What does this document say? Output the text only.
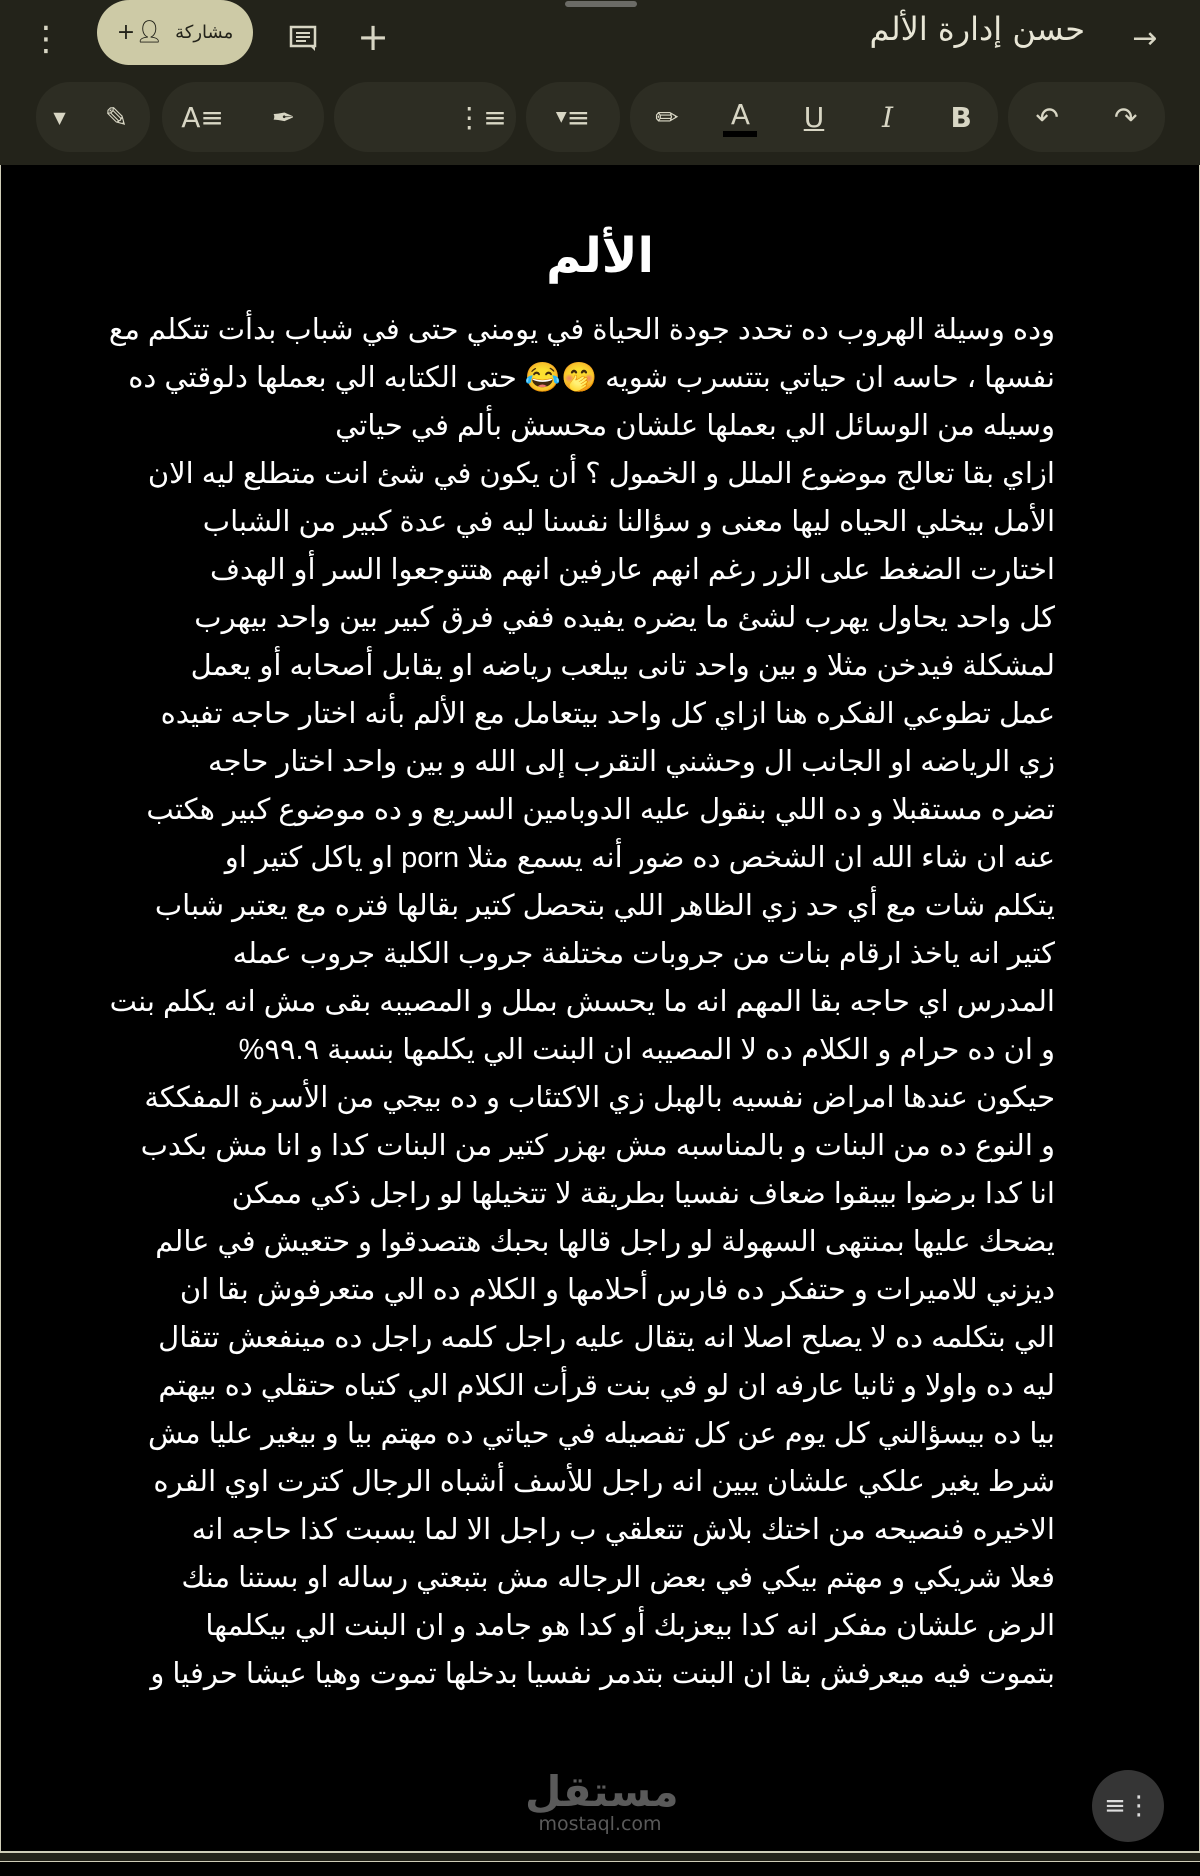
→
حسن إدارة الألم
⋮	مشاركة
👤︎+	+
▼	✎	A≡	✒	⋮≡	▼ ≡	✏︎	A	U	I	B	↶	↷
الألم
وده وسيلة الهروب ده تحدد جودة الحياة في يومني حتى في شباب بدأت تتكلم مع
نفسها ، حاسه ان حياتي بتتسرب شويه 🤭😂 حتى الكتابه الي بعملها دلوقتي ده
وسيله من الوسائل الي بعملها علشان محسش بألم في حياتي
ازاي بقا تعالج موضوع الملل و الخمول ؟ أن يكون في شئ انت متطلع ليه الان
الأمل بيخلي الحياه ليها معنى و سؤالنا نفسنا ليه في عدة كبير من الشباب
اختارت الضغط على الزر رغم انهم عارفين انهم هتتوجعوا السر أو الهدف
كل واحد يحاول يهرب لشئ ما يضره يفيده ففي فرق كبير بين واحد بيهرب
لمشكلة فيدخن مثلا و بين واحد تانى بيلعب رياضه او يقابل أصحابه أو يعمل
عمل تطوعي الفكره هنا ازاي كل واحد بيتعامل مع الألم بأنه اختار حاجه تفيده
زي الرياضه او الجانب ال وحشني التقرب إلى الله و بين واحد اختار حاجه
تضره مستقبلا و ده اللي بنقول عليه الدوبامين السريع و ده موضوع كبير هكتب
عنه ان شاء الله ان الشخص ده ضور أنه يسمع مثلا porn او ياكل كتير او
يتكلم شات مع أي حد زي الظاهر اللي بتحصل كتير بقالها فتره مع يعتبر شباب
كتير انه ياخذ ارقام بنات من جروبات مختلفة جروب الكلية جروب عمله
المدرس اي حاجه بقا المهم انه ما يحسش بملل و المصيبه بقى مش انه يكلم بنت
و ان ده حرام و الكلام ده لا المصيبه ان البنت الي يكلمها بنسبة ٩٩.٩%
حيكون عندها امراض نفسيه بالهبل زي الاكتئاب و ده بيجي من الأسرة المفككة
و النوع ده من البنات و بالمناسبه مش بهزر كتير من البنات كدا و انا مش بكدب
انا كدا برضوا بيبقوا ضعاف نفسيا بطريقة لا تتخيلها لو راجل ذكي ممكن
يضحك عليها بمنتهى السهولة لو راجل قالها بحبك هتصدقوا و حتعيش في عالم
ديزني للاميرات و حتفكر ده فارس أحلامها و الكلام ده الي متعرفوش بقا ان
الي بتكلمه ده لا يصلح اصلا انه يتقال عليه راجل كلمه راجل ده مينفعش تتقال
ليه ده واولا و ثانيا عارفه ان لو في بنت قرأت الكلام الي كتباه حتقلي ده بيهتم
بيا ده بيسؤالني كل يوم عن كل تفصيله في حياتي ده مهتم بيا و بيغير عليا مش
شرط يغير علكي علشان يبين انه راجل للأسف أشباه الرجال كترت اوي الفره
الاخيره فنصيحه من اختك بلاش تتعلقي ب راجل الا لما يسبت كذا حاجه انه
فعلا شريكي و مهتم بيكي في بعض الرجاله مش بتبعتي رساله او بستنا منك
الرض علشان مفكر انه كدا بيعزبك أو كدا هو جامد و ان البنت الي بيكلمها
بتموت فيه ميعرفش بقا ان البنت بتدمر نفسيا بدخلها تموت وهيا عيشا حرفيا و
مستقل
mostaql.com
≡⋮
